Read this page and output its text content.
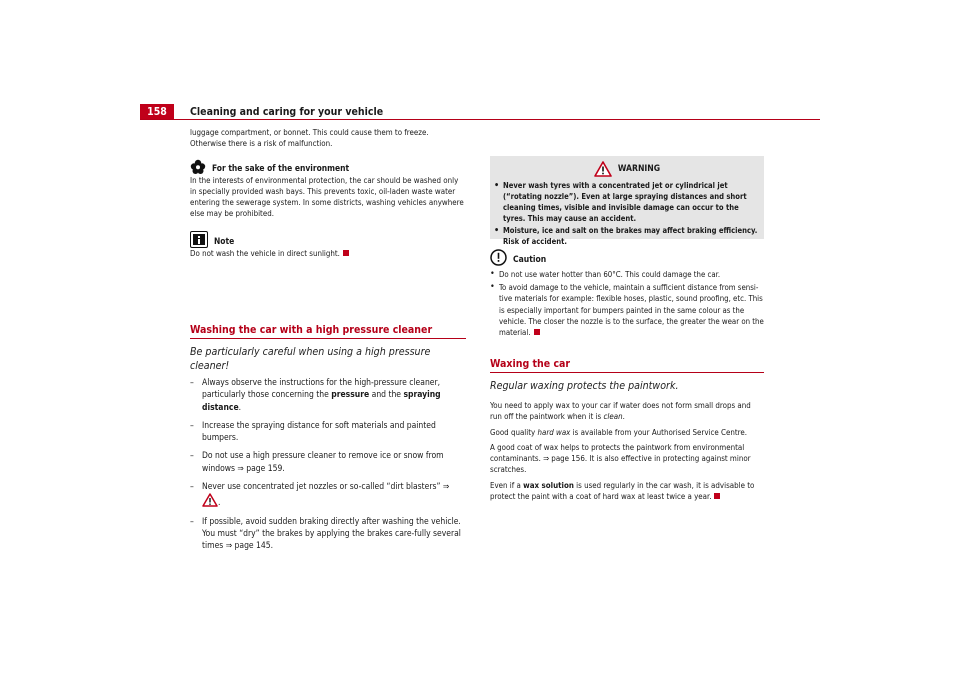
158	Cleaning and caring for your vehicle

luggage compartment, or bonnet. This could cause them to freeze. Otherwise there is a risk of malfunction.

For the sake of the environment

In the interests of environmental protection, the car should be washed only in specially provided wash bays. This prevents toxic, oil-laden waste water entering the sewerage system. In some districts, washing vehicles anywhere else may be prohibited.

Note

Do not wash the vehicle in direct sunlight.

Washing the car with a high pressure cleaner
Be particularly careful when using a high pressure cleaner!
– Always observe the instructions for the high-pressure cleaner, particularly those concerning the pressure and the spraying distance.
– Increase the spraying distance for soft materials and painted bumpers.
– Do not use a high pressure cleaner to remove ice or snow from windows ⇒ page 159.
– Never use concentrated jet nozzles or so-called “dirt blasters” ⇒ .
– If possible, avoid sudden braking directly after washing the vehicle. You must “dry” the brakes by applying the brakes care-fully several times ⇒ page 145.
WARNING
• Never wash tyres with a concentrated jet or cylindrical jet (“rotating nozzle”). Even at large spraying distances and short cleaning times, visible and invisible damage can occur to the tyres. This may cause an accident.
• Moisture, ice and salt on the brakes may affect braking efficiency. Risk of accident.
Caution
• Do not use water hotter than 60°C. This could damage the car.
• To avoid damage to the vehicle, maintain a sufficient distance from sensi-tive materials for example: flexible hoses, plastic, sound proofing, etc. This is especially important for bumpers painted in the same colour as the vehicle. The closer the nozzle is to the surface, the greater the wear on the material.
Waxing the car
Regular waxing protects the paintwork.

You need to apply wax to your car if water does not form small drops and run off the paintwork when it is clean.

Good quality hard wax is available from your Authorised Service Centre.

A good coat of wax helps to protects the paintwork from environmental contaminants. ⇒ page 156. It is also effective in protecting against minor scratches.

Even if a wax solution is used regularly in the car wash, it is advisable to protect the paint with a coat of hard wax at least twice a year.
